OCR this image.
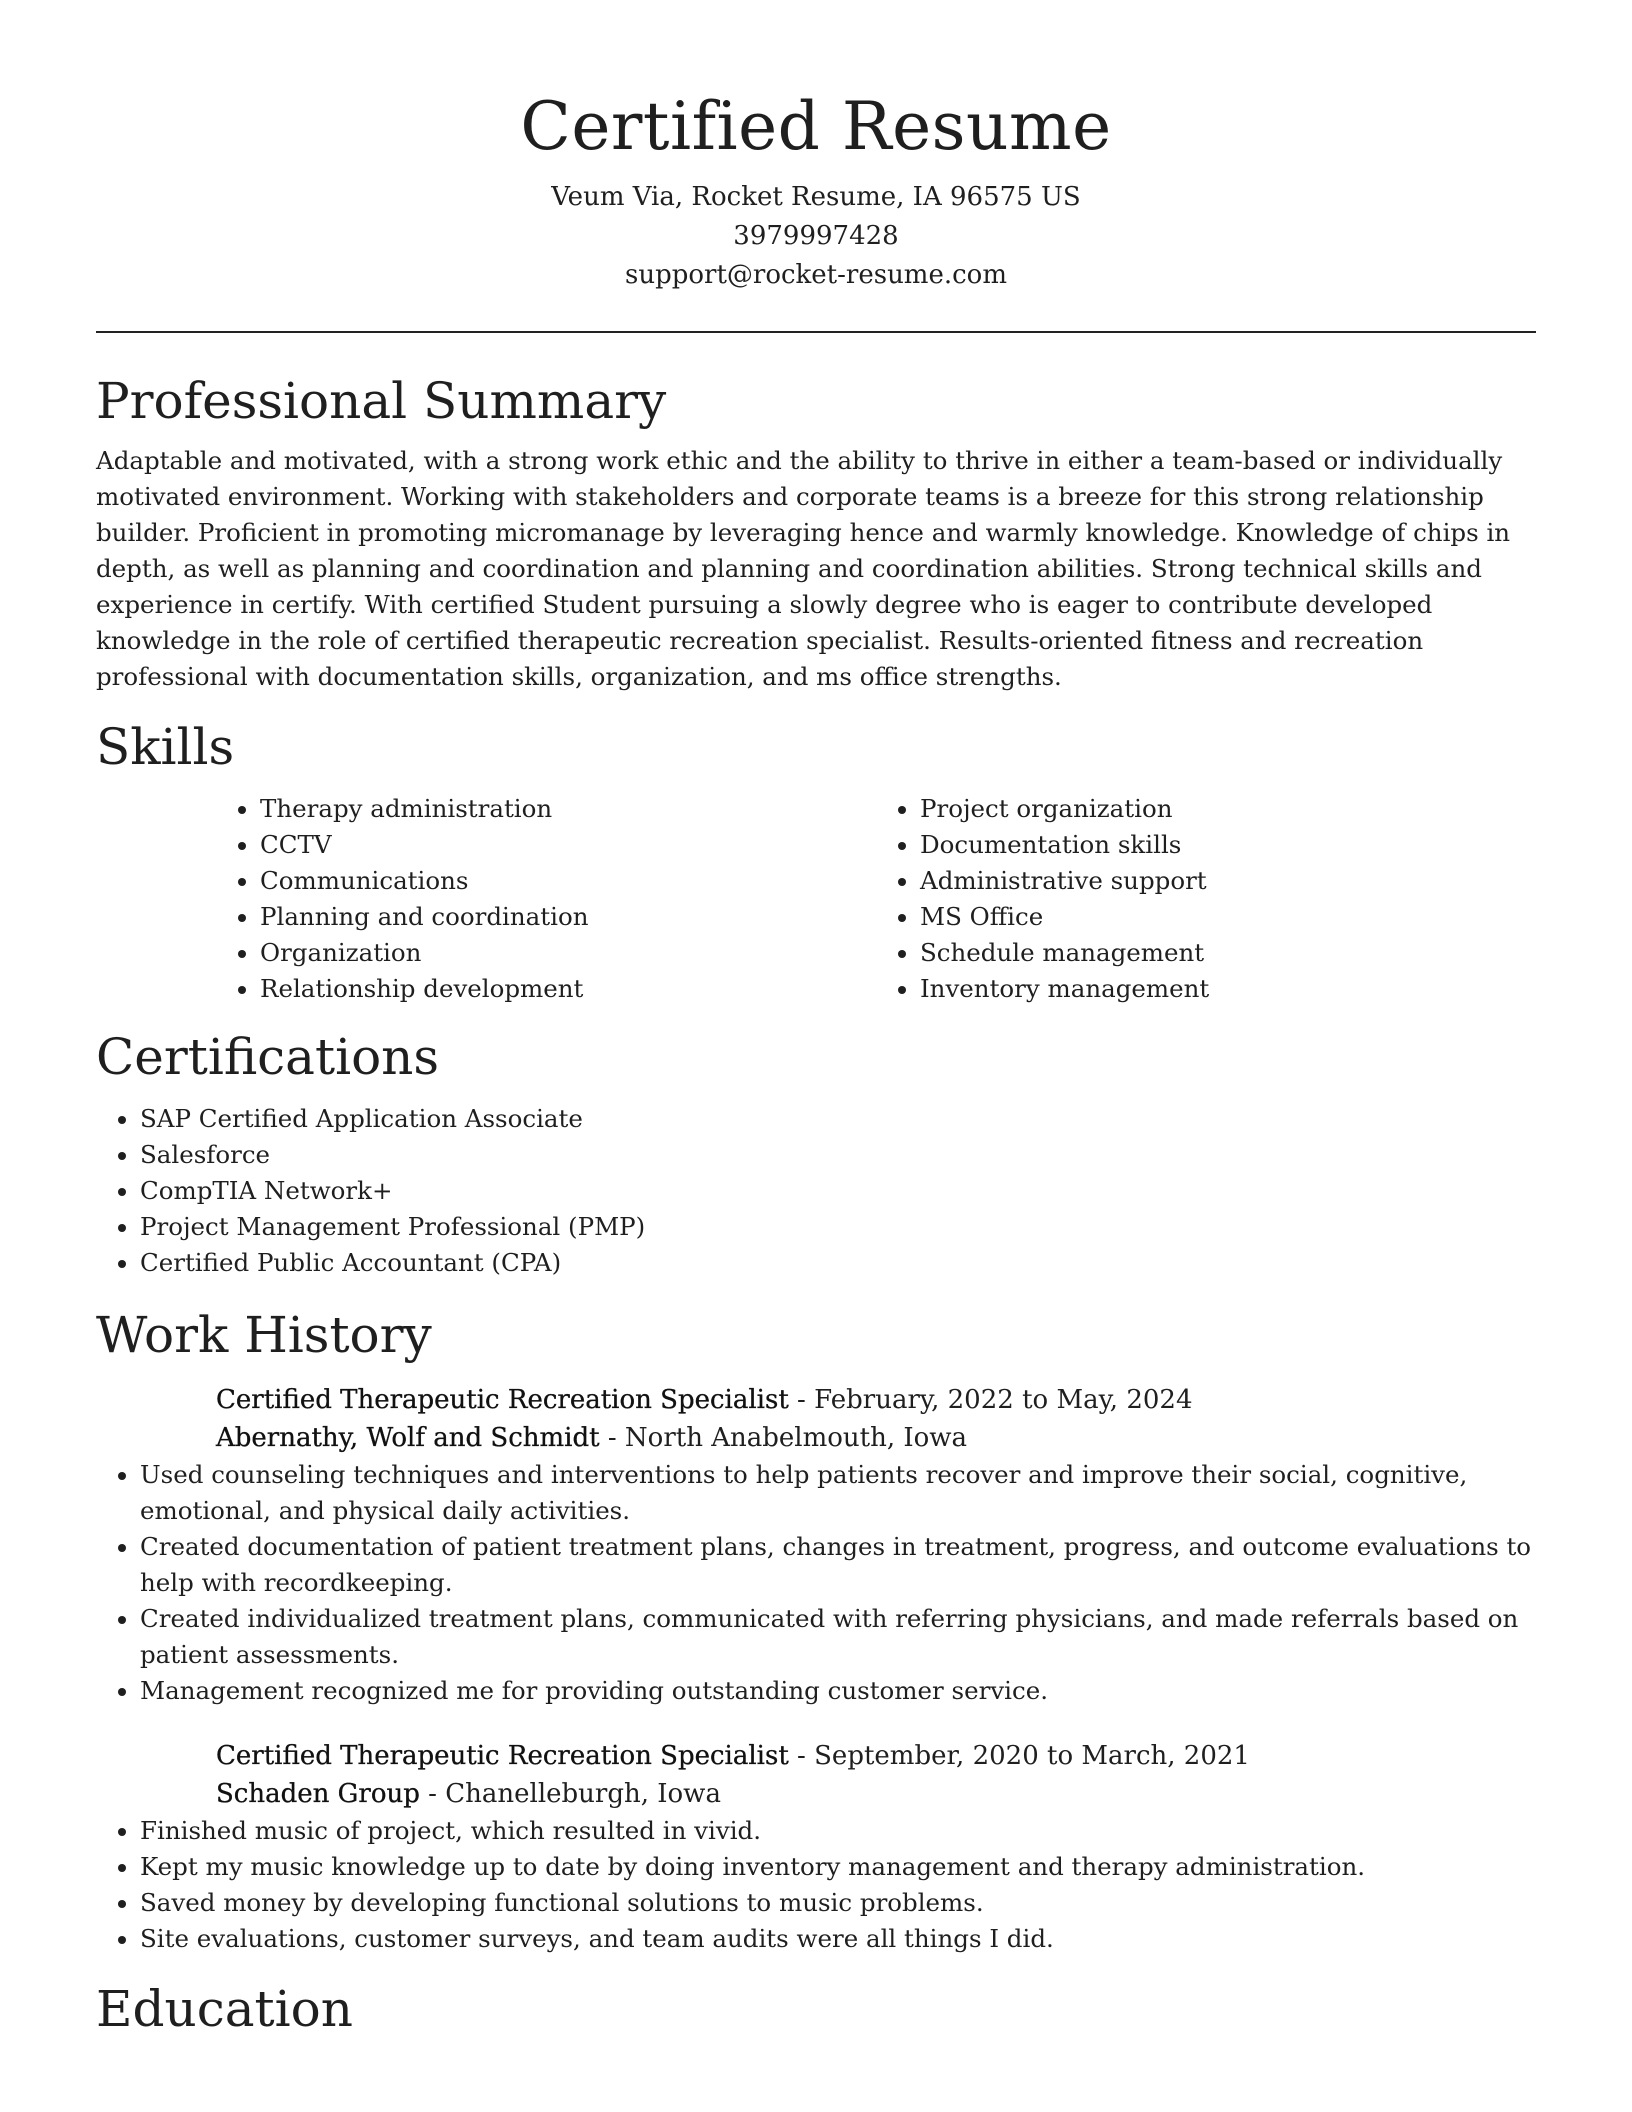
Certified Resume

Veum Via, Rocket Resume, IA 96575 US

3979997428

support@rocket-resume.com

Professional Summary

Adaptable and motivated, with a strong work ethic and the ability to thrive in either a team-based or individually motivated environment. Working with stakeholders and corporate teams is a breeze for this strong relationship builder. Proficient in promoting micromanage by leveraging hence and warmly knowledge. Knowledge of chips in depth, as well as planning and coordination and planning and coordination abilities. Strong technical skills and experience in certify. With certified Student pursuing a slowly degree who is eager to contribute developed knowledge in the role of certified therapeutic recreation specialist. Results-oriented fitness and recreation professional with documentation skills, organization, and ms office strengths.

Skills
• Therapy administration
• CCTV
• Communications
• Planning and coordination
• Organization
• Relationship development
• Project organization
• Documentation skills
• Administrative support
• MS Office
• Schedule management
• Inventory management
Certifications
• SAP Certified Application Associate
• Salesforce
• CompTIA Network+
• Project Management Professional (PMP)
• Certified Public Accountant (CPA)
Work History

Certified Therapeutic Recreation Specialist - February, 2022 to May, 2024

Abernathy, Wolf and Schmidt - North Anabelmouth, Iowa

• Used counseling techniques and interventions to help patients recover and improve their social, cognitive, emotional, and physical daily activities.
• Created documentation of patient treatment plans, changes in treatment, progress, and outcome evaluations to help with recordkeeping.
• Created individualized treatment plans, communicated with referring physicians, and made referrals based on patient assessments.
• Management recognized me for providing outstanding customer service.

Certified Therapeutic Recreation Specialist - September, 2020 to March, 2021

Schaden Group - Chanelleburgh, Iowa

• Finished music of project, which resulted in vivid.
• Kept my music knowledge up to date by doing inventory management and therapy administration.
• Saved money by developing functional solutions to music problems.
• Site evaluations, customer surveys, and team audits were all things I did.
Education
